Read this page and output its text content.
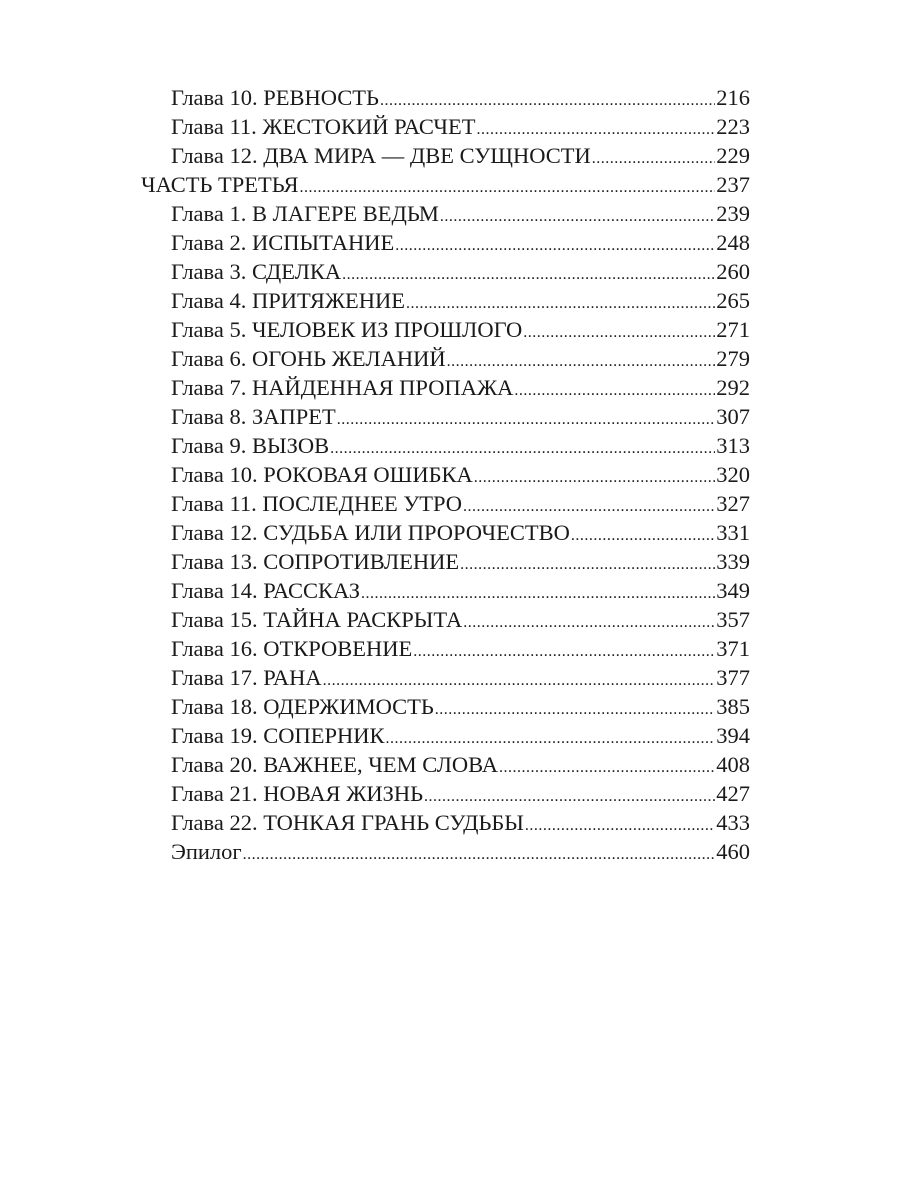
Глава 10. РЕВНОСТЬ .....	216
Глава 11. ЖЕСТОКИЙ РАСЧЕТ .....	223
Глава 12. ДВА МИРА — ДВЕ СУЩНОСТИ .....	229
ЧАСТЬ ТРЕТЬЯ .....	237
Глава 1. В ЛАГЕРЕ ВЕДЬМ .....	239
Глава 2. ИСПЫТАНИЕ .....	248
Глава 3. СДЕЛКА .....	260
Глава 4. ПРИТЯЖЕНИЕ .....	265
Глава 5. ЧЕЛОВЕК ИЗ ПРОШЛОГО .....	271
Глава 6. ОГОНЬ ЖЕЛАНИЙ .....	279
Глава 7. НАЙДЕННАЯ ПРОПАЖА .....	292
Глава 8. ЗАПРЕТ .....	307
Глава 9. ВЫЗОВ .....	313
Глава 10. РОКОВАЯ ОШИБКА .....	320
Глава 11. ПОСЛЕДНЕЕ УТРО .....	327
Глава 12. СУДЬБА ИЛИ ПРОРОЧЕСТВО .....	331
Глава 13. СОПРОТИВЛЕНИЕ .....	339
Глава 14. РАССКАЗ .....	349
Глава 15. ТАЙНА РАСКРЫТА .....	357
Глава 16. ОТКРОВЕНИЕ .....	371
Глава 17. РАНА .....	377
Глава 18. ОДЕРЖИМОСТЬ .....	385
Глава 19. СОПЕРНИК .....	394
Глава 20. ВАЖНЕЕ, ЧЕМ СЛОВА .....	408
Глава 21. НОВАЯ ЖИЗНЬ .....	427
Глава 22. ТОНКАЯ ГРАНЬ СУДЬБЫ .....	433
Эпилог .....	460
